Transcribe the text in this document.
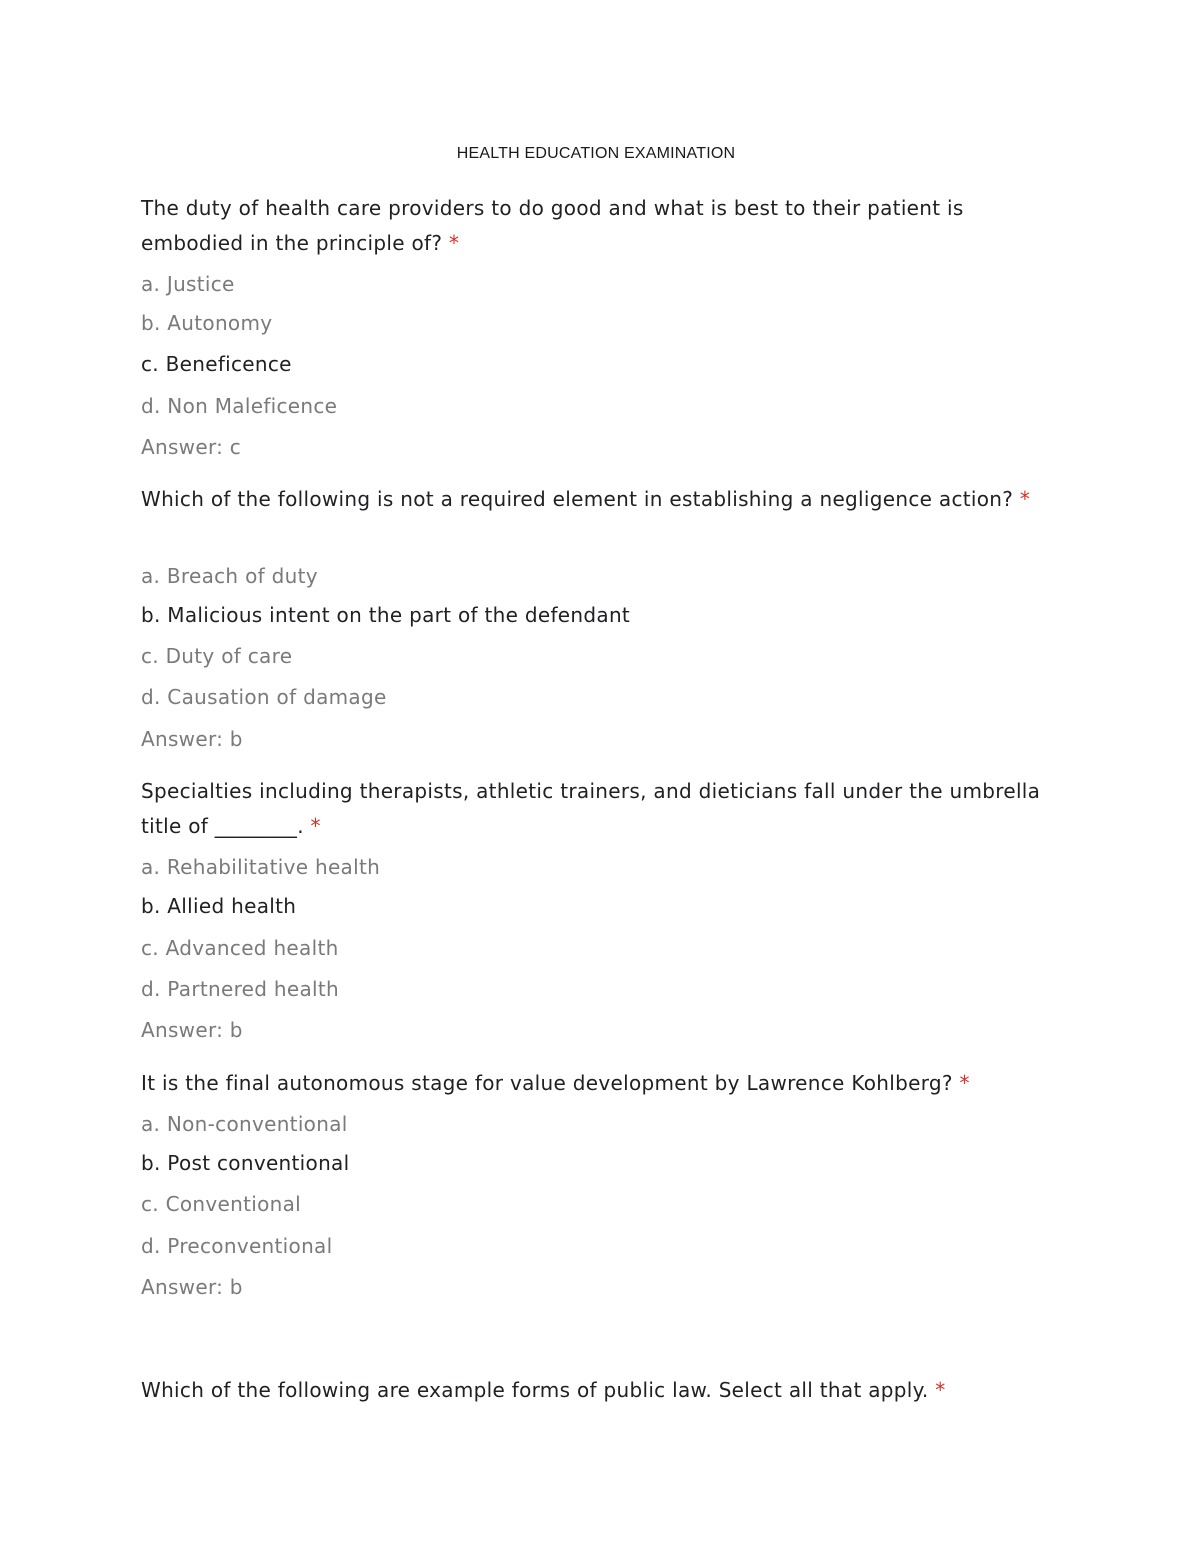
HEALTH EDUCATION EXAMINATION
The duty of health care providers to do good and what is best to their patient is embodied in the principle of? *
a. Justice
b. Autonomy
c. Beneficence
d. Non Maleficence
Answer: c
Which of the following is not a required element in establishing a negligence action? *
a. Breach of duty
b. Malicious intent on the part of the defendant
c. Duty of care
d. Causation of damage
Answer: b
Specialties including therapists, athletic trainers, and dieticians fall under the umbrella title of ________. *
a. Rehabilitative health
b. Allied health
c. Advanced health
d. Partnered health
Answer: b
It is the final autonomous stage for value development by Lawrence Kohlberg? *
a. Non-conventional
b. Post conventional
c. Conventional
d. Preconventional
Answer: b
Which of the following are example forms of public law. Select all that apply. *
